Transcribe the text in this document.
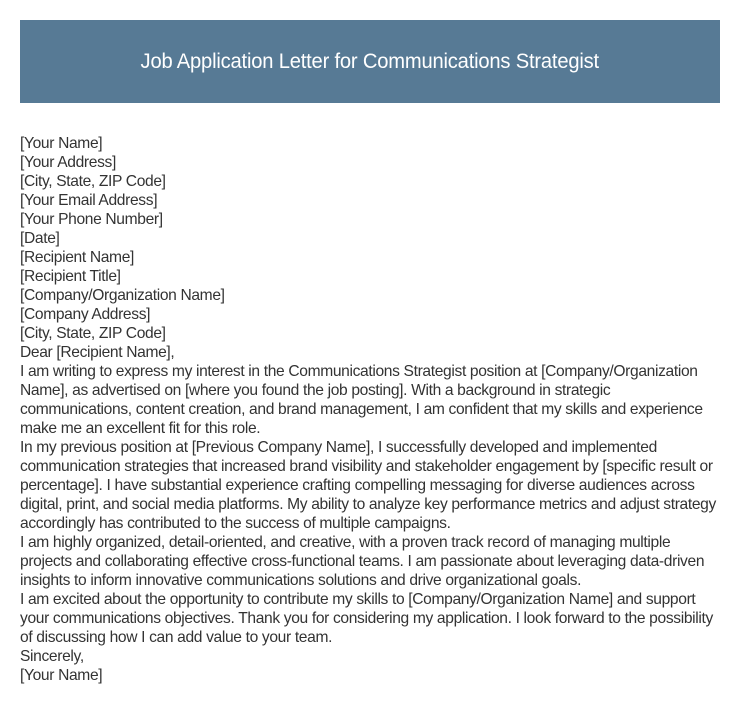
Job Application Letter for Communications Strategist
[Your Name]
[Your Address]
[City, State, ZIP Code]
[Your Email Address]
[Your Phone Number]
[Date]
[Recipient Name]
[Recipient Title]
[Company/Organization Name]
[Company Address]
[City, State, ZIP Code]
Dear [Recipient Name],

I am writing to express my interest in the Communications Strategist position at [Company/Organization Name], as advertised on [where you found the job posting]. With a background in strategic communications, content creation, and brand management, I am confident that my skills and experience make me an excellent fit for this role.

In my previous position at [Previous Company Name], I successfully developed and implemented communication strategies that increased brand visibility and stakeholder engagement by [specific result or percentage]. I have substantial experience crafting compelling messaging for diverse audiences across digital, print, and social media platforms. My ability to analyze key performance metrics and adjust strategy accordingly has contributed to the success of multiple campaigns.

I am highly organized, detail-oriented, and creative, with a proven track record of managing multiple projects and collaborating effective cross-functional teams. I am passionate about leveraging data-driven insights to inform innovative communications solutions and drive organizational goals.

I am excited about the opportunity to contribute my skills to [Company/Organization Name] and support your communications objectives. Thank you for considering my application. I look forward to the possibility of discussing how I can add value to your team.

Sincerely,
[Your Name]
